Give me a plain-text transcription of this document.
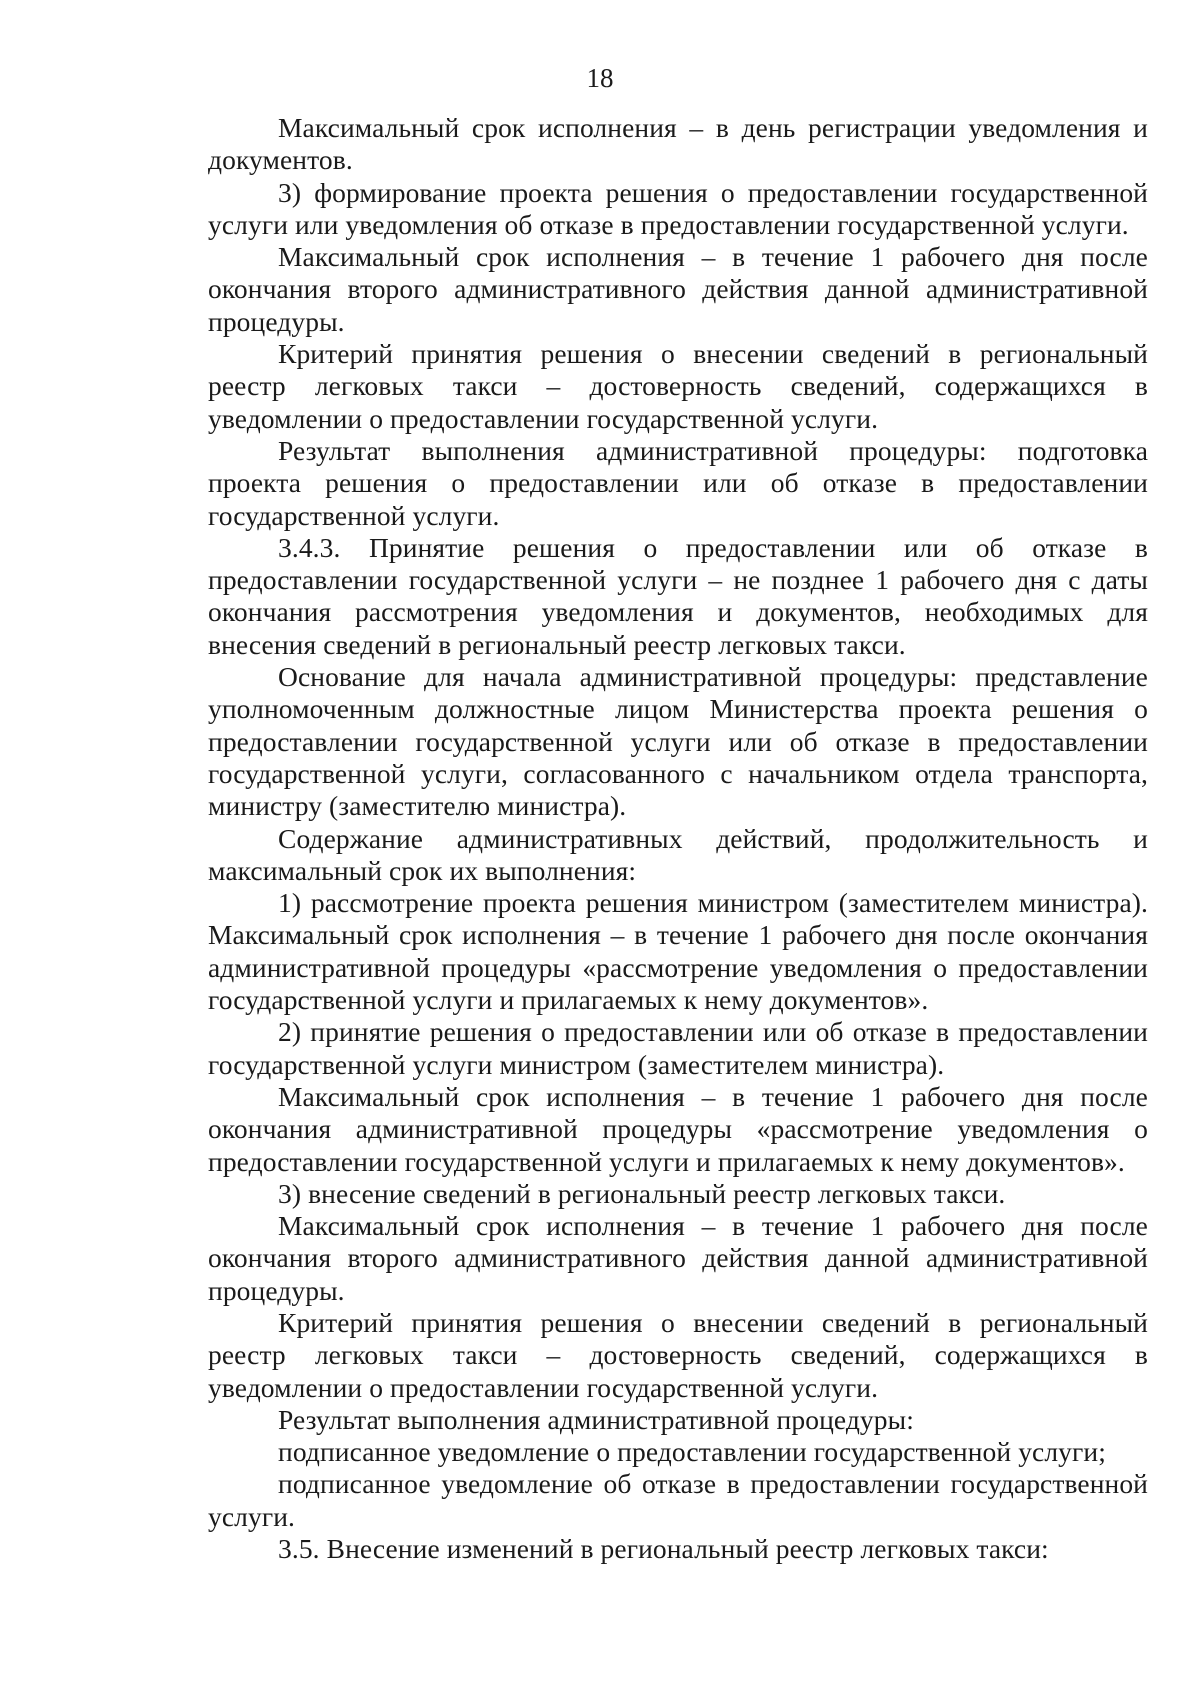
18

Максимальный срок исполнения – в день регистрации уведомления и документов.

3) формирование проекта решения о предоставлении государственной услуги или уведомления об отказе в предоставлении государственной услуги.

Максимальный срок исполнения – в течение 1 рабочего дня после окончания второго административного действия данной административной процедуры.

Критерий принятия решения о внесении сведений в региональный реестр легковых такси – достоверность сведений, содержащихся в уведомлении о предоставлении государственной услуги.

Результат выполнения административной процедуры: подготовка проекта решения о предоставлении или об отказе в предоставлении государственной услуги.

3.4.3. Принятие решения о предоставлении или об отказе в предоставлении государственной услуги – не позднее 1 рабочего дня с даты окончания рассмотрения уведомления и документов, необходимых для внесения сведений в региональный реестр легковых такси.

Основание для начала административной процедуры: представление уполномоченным должностные лицом Министерства проекта решения о предоставлении государственной услуги или об отказе в предоставлении государственной услуги, согласованного с начальником отдела транспорта, министру (заместителю министра).

Содержание административных действий, продолжительность и максимальный срок их выполнения:

1) рассмотрение проекта решения министром (заместителем министра). Максимальный срок исполнения – в течение 1 рабочего дня после окончания административной процедуры «рассмотрение уведомления о предоставлении государственной услуги и прилагаемых к нему документов».

2) принятие решения о предоставлении или об отказе в предоставлении государственной услуги министром (заместителем министра).

Максимальный срок исполнения – в течение 1 рабочего дня после окончания административной процедуры «рассмотрение уведомления о предоставлении государственной услуги и прилагаемых к нему документов».

3) внесение сведений в региональный реестр легковых такси.

Максимальный срок исполнения – в течение 1 рабочего дня после окончания второго административного действия данной административной процедуры.

Критерий принятия решения о внесении сведений в региональный реестр легковых такси – достоверность сведений, содержащихся в уведомлении о предоставлении государственной услуги.

Результат выполнения административной процедуры:

подписанное уведомление о предоставлении государственной услуги;

подписанное уведомление об отказе в предоставлении государственной услуги.

3.5. Внесение изменений в региональный реестр легковых такси:
